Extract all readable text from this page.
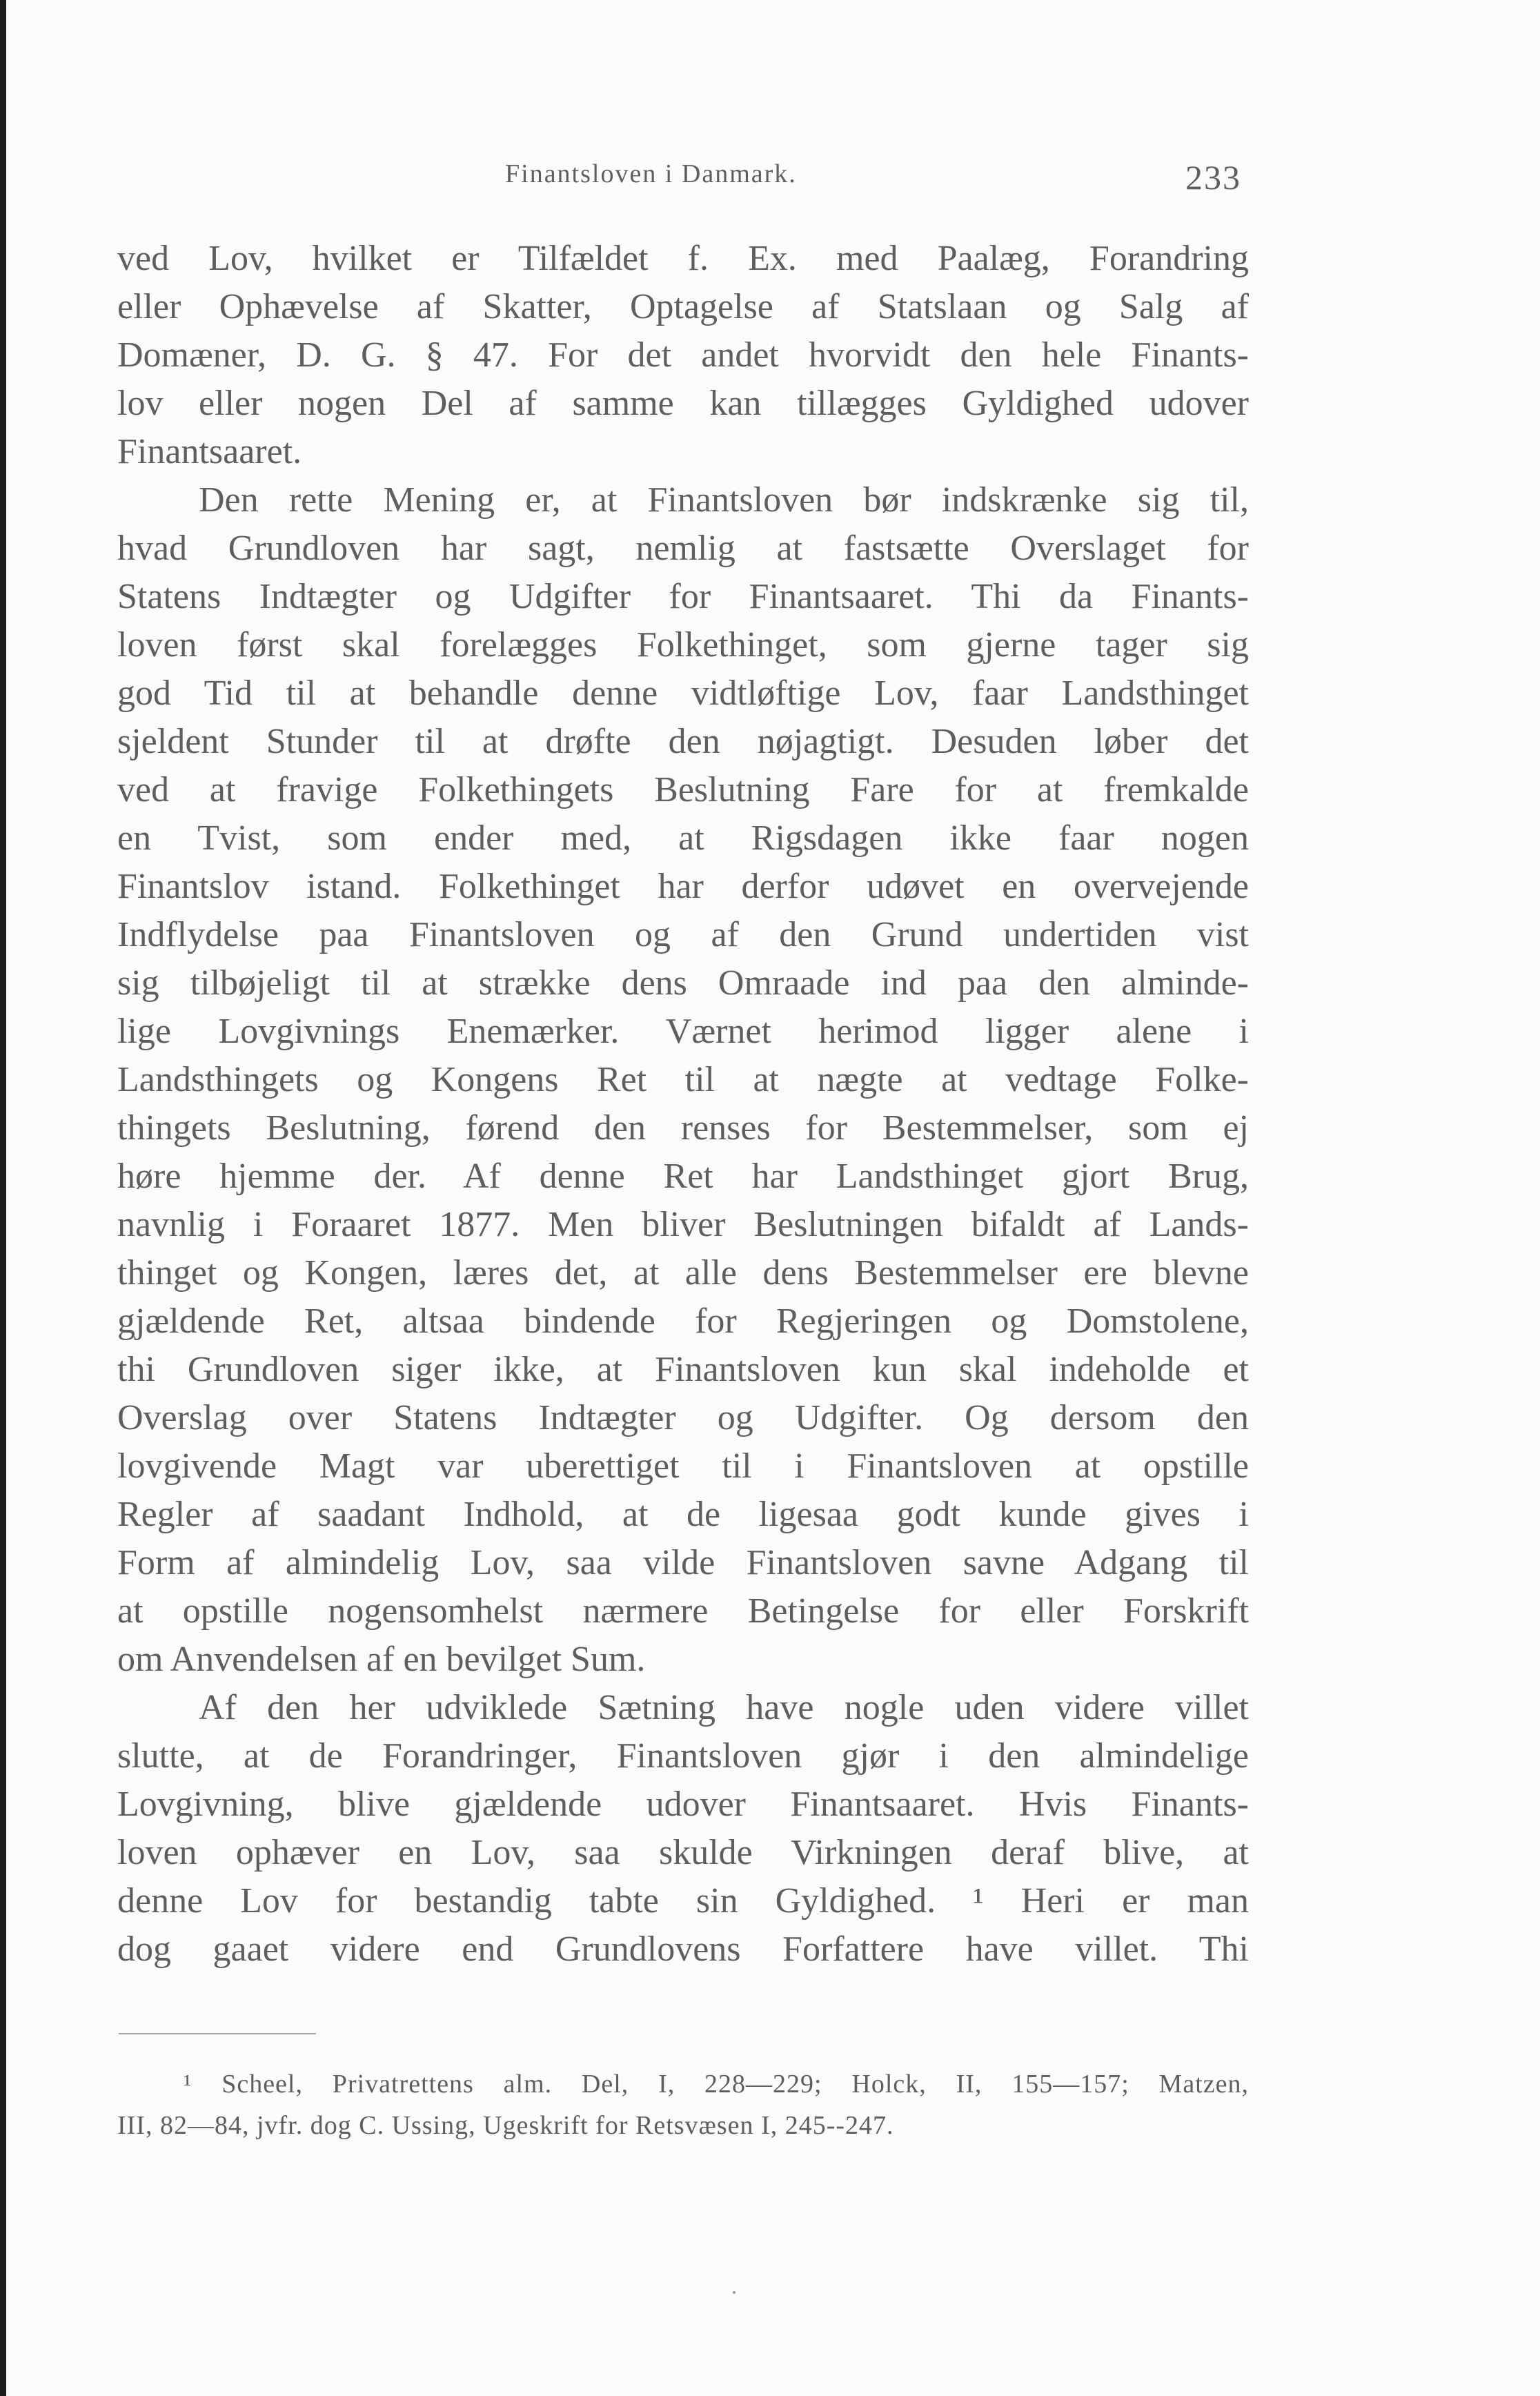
Finantsloven i Danmark.	233

ved Lov, hvilket er Tilfældet f. Ex. med Paalæg, Forandring
eller Ophævelse af Skatter, Optagelse af Statslaan og Salg af
Domæner, D. G. § 47. For det andet hvorvidt den hele Finants-
lov eller nogen Del af samme kan tillægges Gyldighed udover
Finantsaaret.

Den rette Mening er, at Finantsloven bør indskrænke sig til,
hvad Grundloven har sagt, nemlig at fastsætte Overslaget for
Statens Indtægter og Udgifter for Finantsaaret. Thi da Finants-
loven først skal forelægges Folkethinget, som gjerne tager sig
god Tid til at behandle denne vidtløftige Lov, faar Landsthinget
sjeldent Stunder til at drøfte den nøjagtigt. Desuden løber det
ved at fravige Folkethingets Beslutning Fare for at fremkalde
en Tvist, som ender med, at Rigsdagen ikke faar nogen
Finantslov istand. Folkethinget har derfor udøvet en overvejende
Indflydelse paa Finantsloven og af den Grund undertiden vist
sig tilbøjeligt til at strække dens Omraade ind paa den alminde-
lige Lovgivnings Enemærker. Værnet herimod ligger alene i
Landsthingets og Kongens Ret til at nægte at vedtage Folke-
thingets Beslutning, førend den renses for Bestemmelser, som ej
høre hjemme der. Af denne Ret har Landsthinget gjort Brug,
navnlig i Foraaret 1877. Men bliver Beslutningen bifaldt af Lands-
thinget og Kongen, læres det, at alle dens Bestemmelser ere blevne
gjældende Ret, altsaa bindende for Regjeringen og Domstolene,
thi Grundloven siger ikke, at Finantsloven kun skal indeholde et
Overslag over Statens Indtægter og Udgifter. Og dersom den
lovgivende Magt var uberettiget til i Finantsloven at opstille
Regler af saadant Indhold, at de ligesaa godt kunde gives i
Form af almindelig Lov, saa vilde Finantsloven savne Adgang til
at opstille nogensomhelst nærmere Betingelse for eller Forskrift
om Anvendelsen af en bevilget Sum.

Af den her udviklede Sætning have nogle uden videre villet
slutte, at de Forandringer, Finantsloven gjør i den almindelige
Lovgivning, blive gjældende udover Finantsaaret. Hvis Finants-
loven ophæver en Lov, saa skulde Virkningen deraf blive, at
denne Lov for bestandig tabte sin Gyldighed. ¹ Heri er man
dog gaaet videre end Grundlovens Forfattere have villet. Thi

¹ Scheel, Privatrettens alm. Del, I, 228—229; Holck, II, 155—157; Matzen,
III, 82—84, jvfr. dog C. Ussing, Ugeskrift for Retsvæsen I, 245--247.
